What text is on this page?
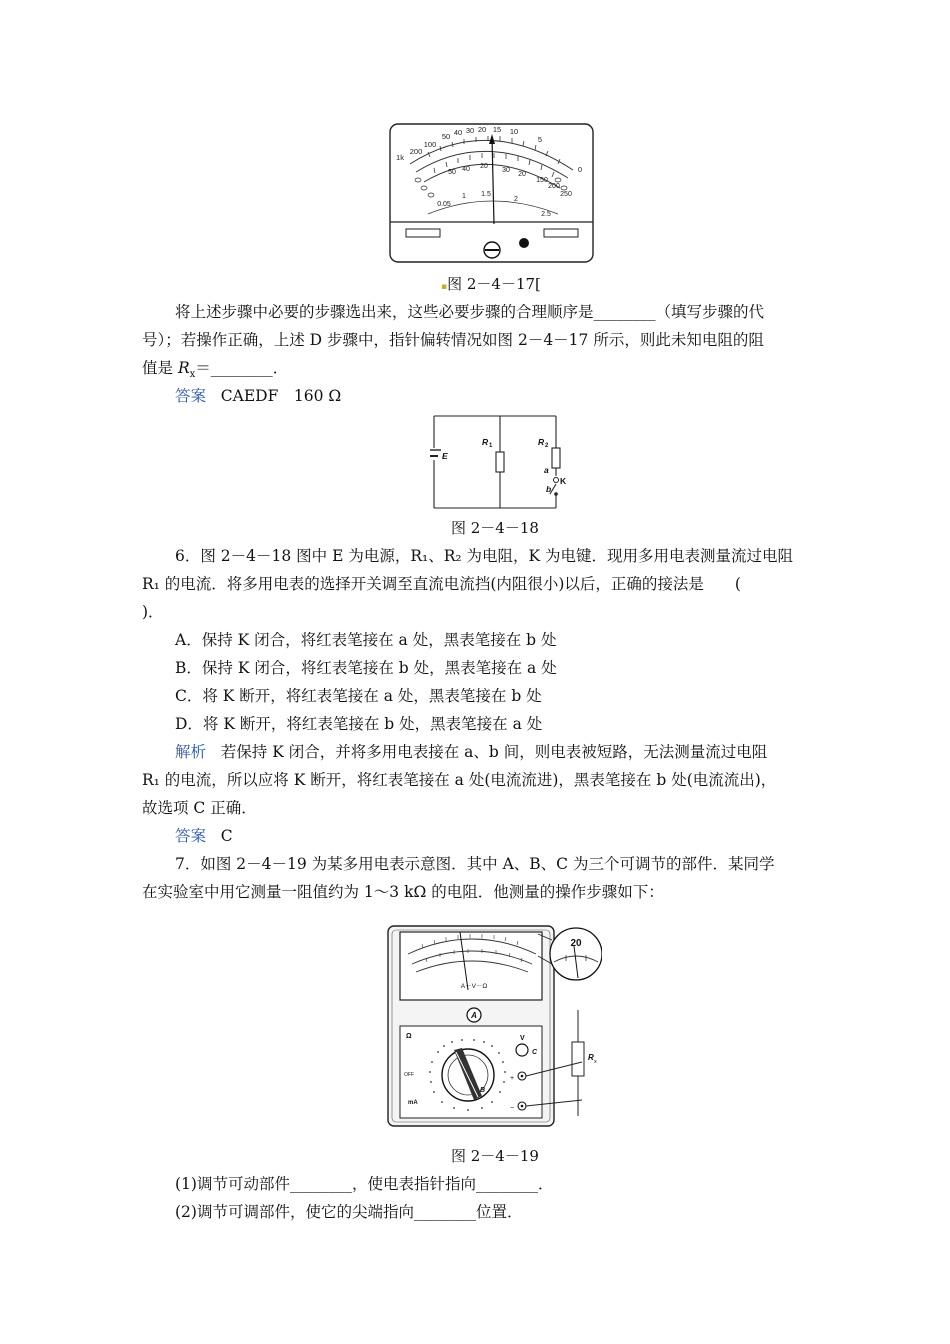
1k
200
100
50 40 30 20 15 10
5
0
50 40 20
30
20
150
200
250
0.05
1 1.5
2
2.5
▪图 2－4－17[
将上述步骤中必要的步骤选出来，这些必要步骤的合理顺序是________（填写步骤的代
号）；若操作正确，上述 D 步骤中，指针偏转情况如图 2－4－17 所示，则此未知电阻的阻
值是 $R_x=\_\_\_\_\_\_\_\_$．
答案 CAEDF　160 Ω
E
R 1	R 2
a
K
b
图 2－4－18
6．图 2－4－18 图中 E 为电源，R₁、R₂ 为电阻，K 为电键．现用多用电表测量流过电阻
R₁ 的电流．将多用电表的选择开关调至直流电流挡(内阻很小)以后，正确的接法是　　(
)．
A．保持 K 闭合，将红表笔接在 a 处，黑表笔接在 b 处
B．保持 K 闭合，将红表笔接在 b 处，黑表笔接在 a 处
C．将 K 断开，将红表笔接在 a 处，黑表笔接在 b 处
D．将 K 断开，将红表笔接在 b 处，黑表笔接在 a 处
解析 若保持 K 闭合，并将多用电表接在 a、b 间，则电表被短路，无法测量流过电阻
R₁ 的电流，所以应将 K 断开，将红表笔接在 a 处(电流流进)，黑表笔接在 b 处(电流流出)，
故选项 C 正确．
答案 C
7．如图 2－4－19 为某多用电表示意图．其中 A、B、C 为三个可调节的部件．某同学
在实验室中用它测量一阻值约为 1～3 kΩ 的电阻．他测量的操作步骤如下：
A－V－Ω
A
Ω	V
OFF
mA
B
C
+
−
R x
20
图 2－4－19
(1)调节可动部件________，使电表指针指向________．
(2)调节可调部件，使它的尖端指向________位置．
